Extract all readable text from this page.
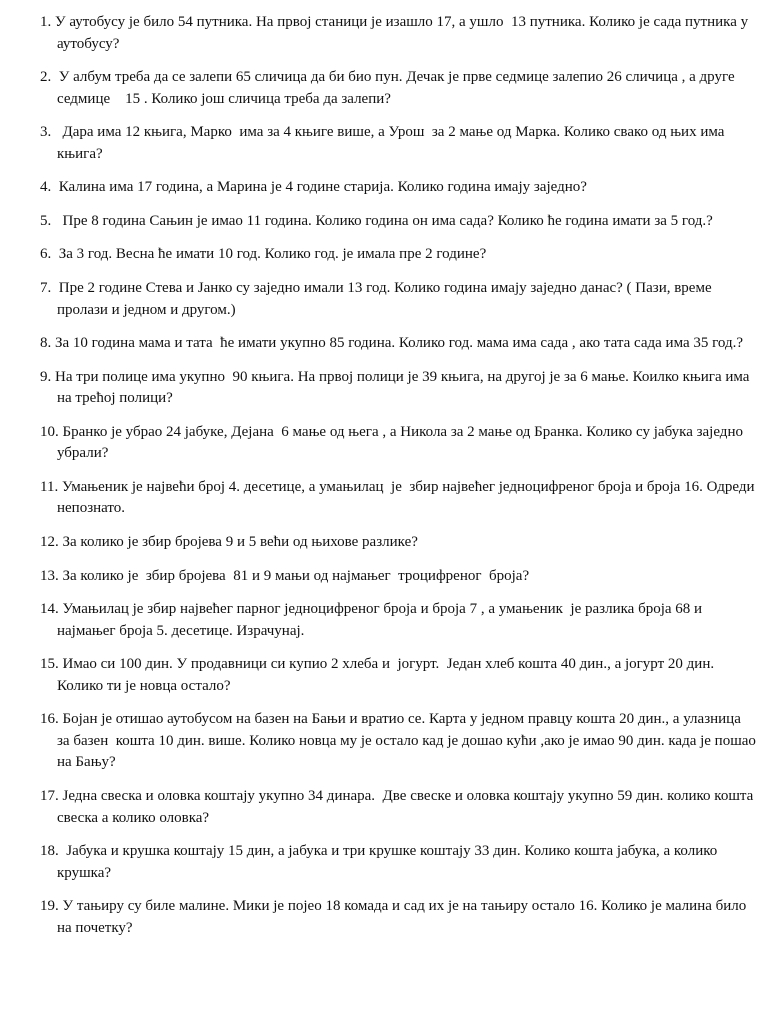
1. У аутобусу је било 54 путника. На првој станици је изашло 17, а ушло  13 путника. Колико је сада путника у аутобусу?
2.  У албум треба да се залепи 65 сличица да би био пун. Дечак је прве седмице залепио 26 сличица , а друге седмице    15 . Колико још сличица треба да залепи?
3.   Дара има 12 књига, Марко  има за 4 књиге више, а Урош  за 2 мање од Марка. Колико свако од њих има књига?
4.  Калина има 17 година, а Марина је 4 године старија. Колико година имају заједно?
5.   Пре 8 година Сањин је имао 11 година. Колико година он има сада? Колико ће година имати за 5 год.?
6.  За 3 год. Весна ће имати 10 год. Колико год. је имала пре 2 године?
7.  Пре 2 године Стева и Јанко су заједно имали 13 год. Колико година имају заједно данас? ( Пази, време пролази и једном и другом.)
8. За 10 година мама и тата  ће имати укупно 85 година. Колико год. мама има сада , ако тата сада има 35 год.?
9. На три полице има укупно  90 књига. На првој полици је 39 књига, на другој је за 6 мање. Коилко књига има на трећој полици?
10. Бранко је убрао 24 јабуке, Дејана  6 мање од њега , а Никола за 2 мање од Бранка. Колико су јабука заједно убрали?
11. Умањеник је највећи број 4. десетице, а умањилац  је  збир највећег једноцифреног броја и броја 16. Одреди непознато.
12. За колико је збир бројева 9 и 5 већи од њихове разлике?
13. За колико је  збир бројева  81 и 9 мањи од најмањег  троцифреног  броја?
14. Умањилац је збир највећег парног једноцифреног броја и броја 7 , а умањеник  је разлика броја 68 и најмањег броја 5. десетице. Израчунај.
15. Имао си 100 дин. У продавници си купио 2 хлеба и  јогурт.  Један хлеб кошта 40 дин., а јогурт 20 дин. Колико ти је новца остало?
16. Бојан је отишао аутобусом на базен на Бањи и вратио се. Карта у једном правцу кошта 20 дин., а улазница за базен  кошта 10 дин. више. Колико новца му је остало кад је дошао кући ,ако је имао 90 дин. када је пошао на Бању?
17. Једна свеска и оловка коштају укупно 34 динара.  Две свеске и оловка коштају укупно 59 дин. колико кошта свеска а колико оловка?
18.  Јабука и крушка коштају 15 дин, а јабука и три крушке коштају 33 дин. Колико кошта јабука, а колико крушка?
19. У тањиру су биле малине. Мики је појео 18 комада и сад их је на тањиру остало 16. Колико је малина било на почетку?
